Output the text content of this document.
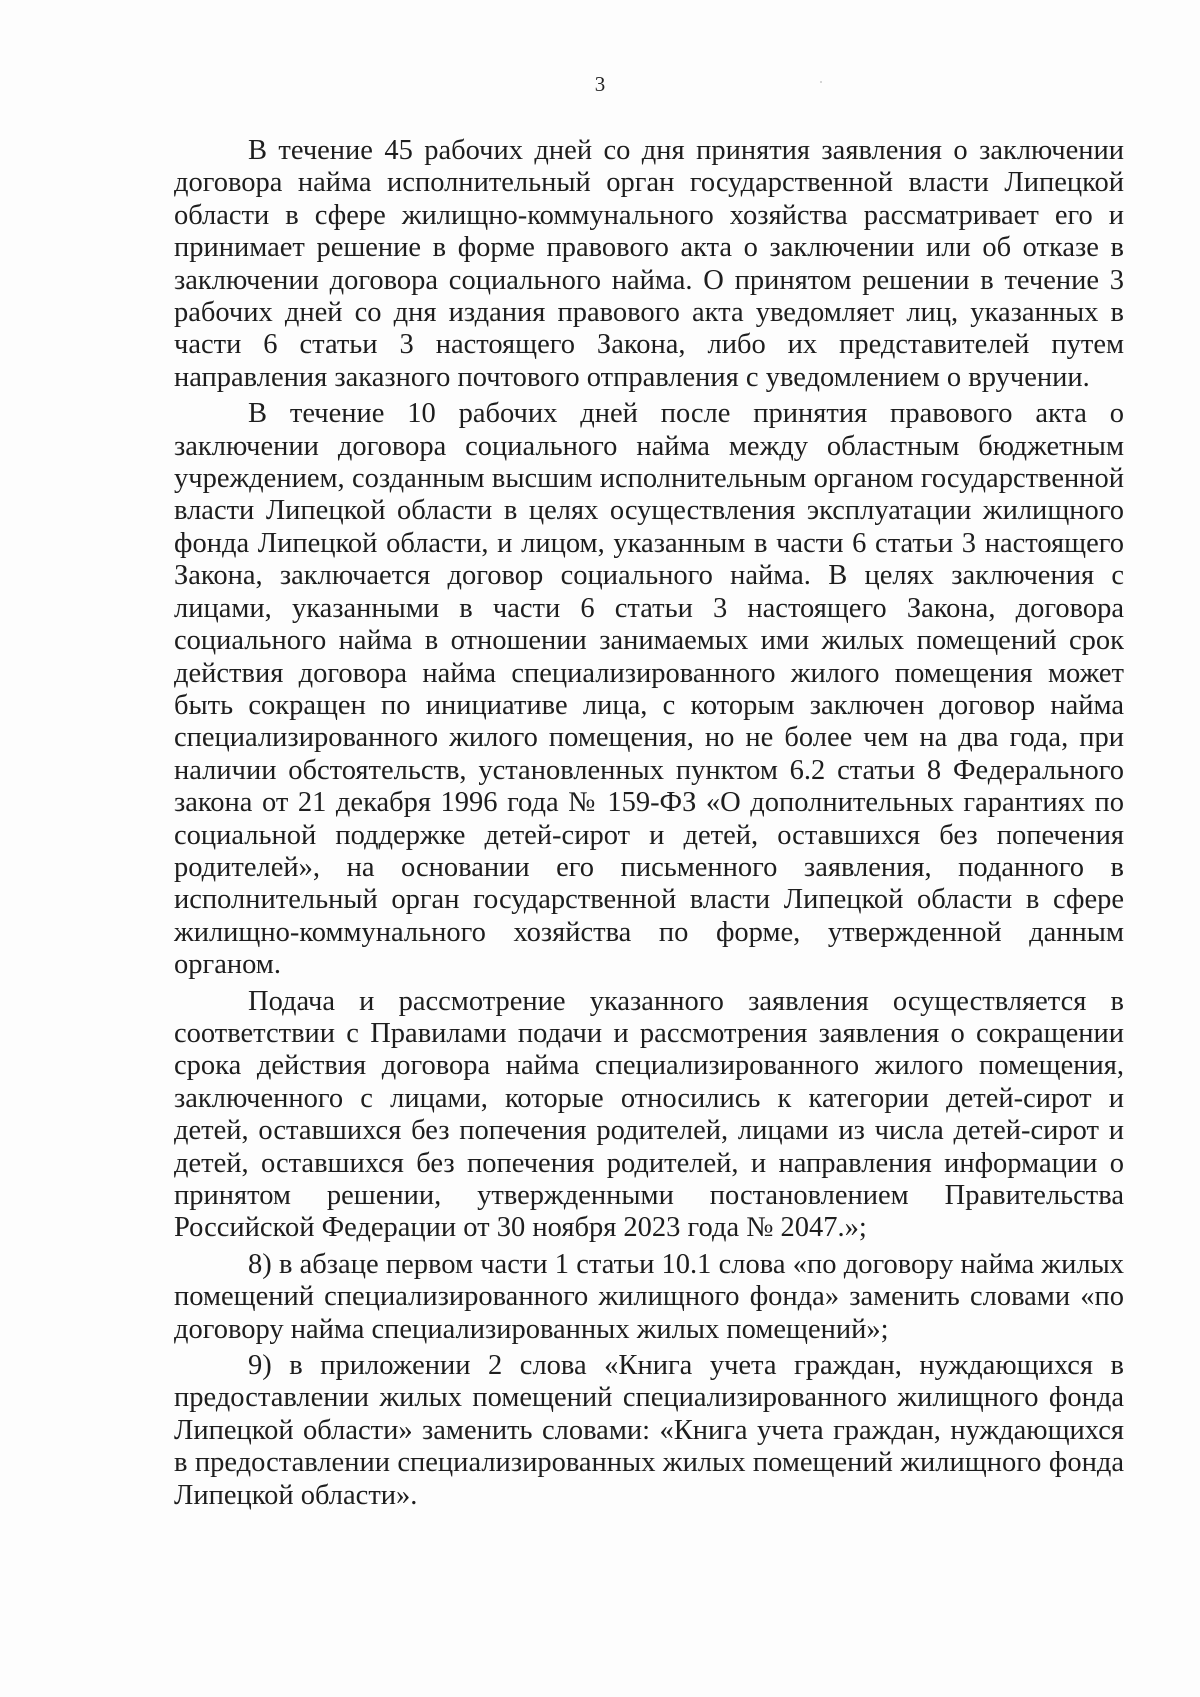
3

В течение 45 рабочих дней со дня принятия заявления о заключении договора найма исполнительный орган государственной власти Липецкой области в сфере жилищно-коммунального хозяйства рассматривает его и принимает решение в форме правового акта о заключении или об отказе в заключении договора социального найма. О принятом решении в течение 3 рабочих дней со дня издания правового акта уведомляет лиц, указанных в части 6 статьи 3 настоящего Закона, либо их представителей путем направления заказного почтового отправления с уведомлением о вручении.

В течение 10 рабочих дней после принятия правового акта о заключении договора социального найма между областным бюджетным учреждением, созданным высшим исполнительным органом государственной власти Липецкой области в целях осуществления эксплуатации жилищного фонда Липецкой области, и лицом, указанным в части 6 статьи 3 настоящего Закона, заключается договор социального найма. В целях заключения с лицами, указанными в части 6 статьи 3 настоящего Закона, договора социального найма в отношении занимаемых ими жилых помещений срок действия договора найма специализированного жилого помещения может быть сокращен по инициативе лица, с которым заключен договор найма специализированного жилого помещения, но не более чем на два года, при наличии обстоятельств, установленных пунктом 6.2 статьи 8 Федерального закона от 21 декабря 1996 года № 159-ФЗ «О дополнительных гарантиях по социальной поддержке детей-сирот и детей, оставшихся без попечения родителей», на основании его письменного заявления, поданного в исполнительный орган государственной власти Липецкой области в сфере жилищно-коммунального хозяйства по форме, утвержденной данным органом.

Подача и рассмотрение указанного заявления осуществляется в соответствии с Правилами подачи и рассмотрения заявления о сокращении срока действия договора найма специализированного жилого помещения, заключенного с лицами, которые относились к категории детей-сирот и детей, оставшихся без попечения родителей, лицами из числа детей-сирот и детей, оставшихся без попечения родителей, и направления информации о принятом решении, утвержденными постановлением Правительства Российской Федерации от 30 ноября 2023 года № 2047.»;

8) в абзаце первом части 1 статьи 10.1 слова «по договору найма жилых помещений специализированного жилищного фонда» заменить словами «по договору найма специализированных жилых помещений»;

9) в приложении 2 слова «Книга учета граждан, нуждающихся в предоставлении жилых помещений специализированного жилищного фонда Липецкой области» заменить словами: «Книга учета граждан, нуждающихся в предоставлении специализированных жилых помещений жилищного фонда Липецкой области».
